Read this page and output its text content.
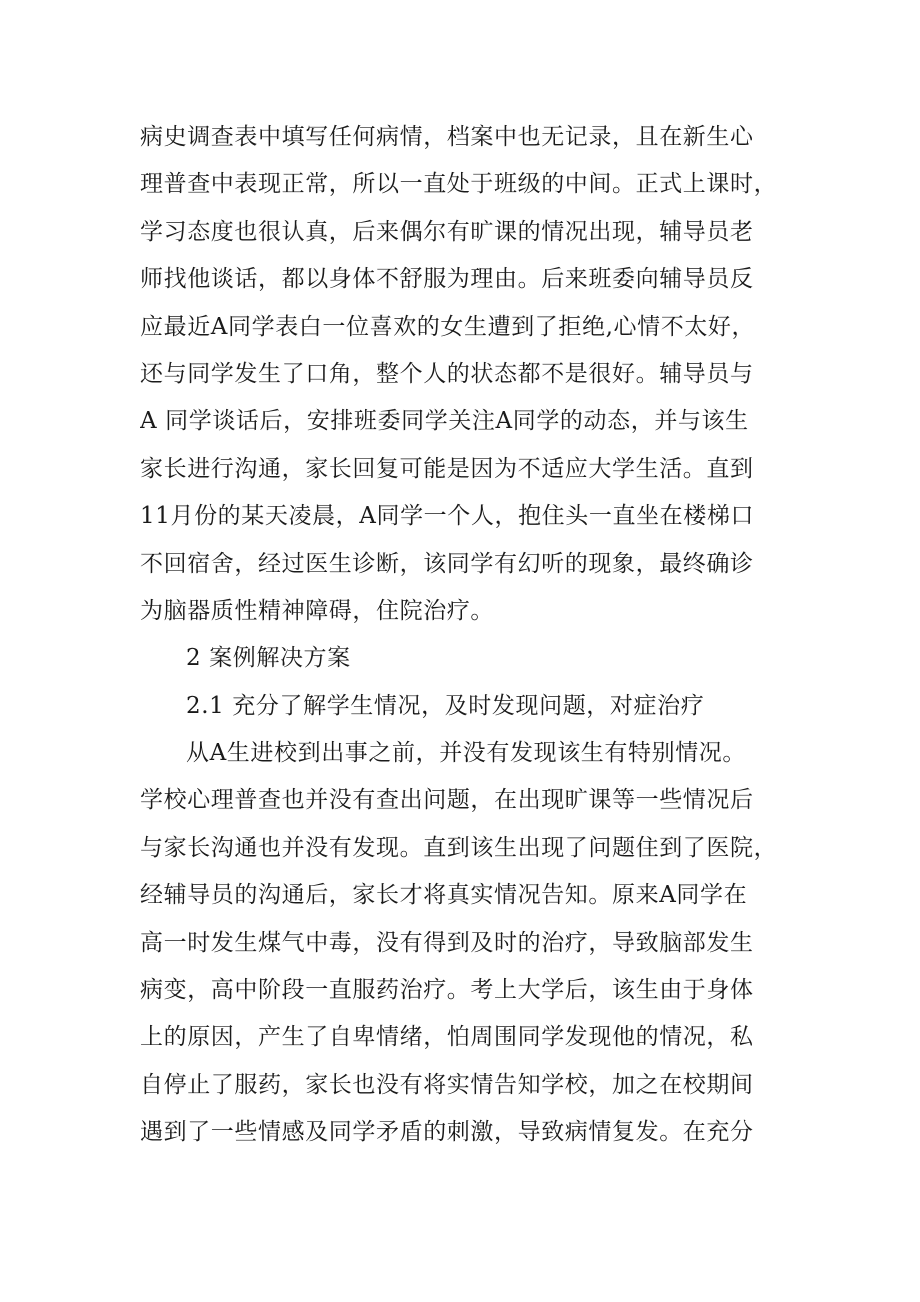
病史调查表中填写任何病情，档案中也无记录，且在新生心
理普查中表现正常，所以一直处于班级的中间。正式上课时，
学习态度也很认真，后来偶尔有旷课的情况出现，辅导员老
师找他谈话，都以身体不舒服为理由。后来班委向辅导员反
应最近A同学表白一位喜欢的女生遭到了拒绝,心情不太好，
还与同学发生了口角，整个人的状态都不是很好。辅导员与
A 同学谈话后，安排班委同学关注A同学的动态，并与该生
家长进行沟通，家长回复可能是因为不适应大学生活。直到
11月份的某天凌晨，A同学一个人，抱住头一直坐在楼梯口
不回宿舍，经过医生诊断，该同学有幻听的现象，最终确诊
为脑器质性精神障碍，住院治疗。
2 案例解决方案
2.1 充分了解学生情况，及时发现问题，对症治疗
从A生进校到出事之前，并没有发现该生有特别情况。
学校心理普查也并没有查出问题，在出现旷课等一些情况后
与家长沟通也并没有发现。直到该生出现了问题住到了医院，
经辅导员的沟通后，家长才将真实情况告知。原来A同学在
高一时发生煤气中毒，没有得到及时的治疗，导致脑部发生
病变，高中阶段一直服药治疗。考上大学后，该生由于身体
上的原因，产生了自卑情绪，怕周围同学发现他的情况，私
自停止了服药，家长也没有将实情告知学校，加之在校期间
遇到了一些情感及同学矛盾的刺激，导致病情复发。在充分
